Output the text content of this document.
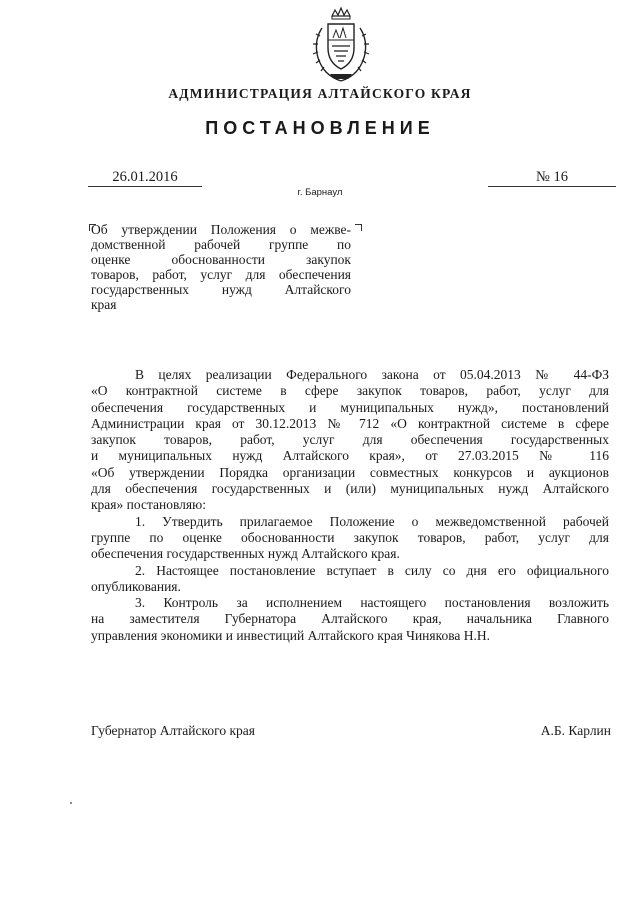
АДМИНИСТРАЦИЯ АЛТАЙСКОГО КРАЯ
ПОСТАНОВЛЕНИЕ
26.01.2016	№ 16
г. Барнаул
Об утверждении Положения о межве-
домственной рабочей группе по
оценке обоснованности закупок
товаров, работ, услуг для обеспечения
государственных нужд Алтайского
края
В целях реализации Федерального закона от 05.04.2013 № 44-ФЗ
«О контрактной системе в сфере закупок товаров, работ, услуг для
обеспечения государственных и муниципальных нужд», постановлений
Администрации края от 30.12.2013 № 712 «О контрактной системе в сфере
закупок товаров, работ, услуг для обеспечения государственных
и муниципальных нужд Алтайского края», от 27.03.2015 № 116
«Об утверждении Порядка организации совместных конкурсов и аукционов
для обеспечения государственных и (или) муниципальных нужд Алтайского
края» постановляю:
1. Утвердить прилагаемое Положение о межведомственной рабочей
группе по оценке обоснованности закупок товаров, работ, услуг для
обеспечения государственных нужд Алтайского края.
2. Настоящее постановление вступает в силу со дня его официального
опубликования.
3. Контроль за исполнением настоящего постановления возложить
на заместителя Губернатора Алтайского края, начальника Главного
управления экономики и инвестиций Алтайского края Чинякова Н.Н.
Губернатор Алтайского края	А.Б. Карлин
